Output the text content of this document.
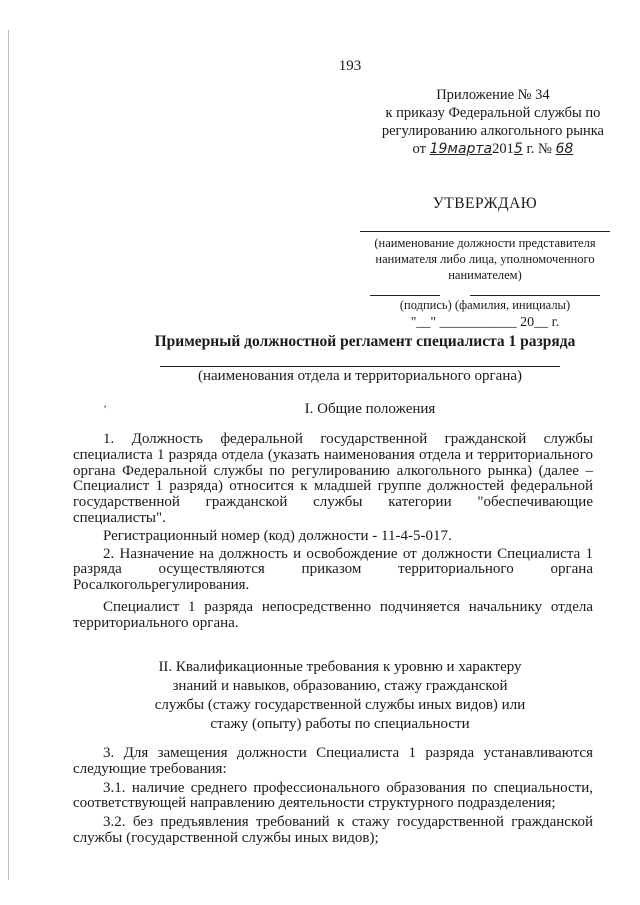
193
Приложение № 34
к приказу Федеральной службы по
регулированию алкогольного рынка
от 19марта2015 г. № 68
УТВЕРЖДАЮ
(наименование должности представителя нанимателя либо лица, уполномоченного нанимателем)
(подпись) (фамилия, инициалы)
"__" ___________ 20__ г.
Примерный должностной регламент специалиста 1 разряда
(наименования отдела и территориального органа)
'	I. Общие положения

1. Должность федеральной государственной гражданской службы специалиста 1 разряда отдела (указать наименования отдела и территориального органа Федеральной службы по регулированию алкогольного рынка) (далее – Специалист 1 разряда) относится к младшей группе должностей федеральной государственной гражданской службы категории "обеспечивающие специалисты".

Регистрационный номер (код) должности - 11-4-5-017.

2. Назначение на должность и освобождение от должности Специалиста 1 разряда осуществляются приказом территориального органа Росалкогольрегулирования.

Специалист 1 разряда непосредственно подчиняется начальнику отдела территориального органа.

II. Квалификационные требования к уровню и характеру знаний и навыков, образованию, стажу гражданской службы (стажу государственной службы иных видов) или стажу (опыту) работы по специальности

3. Для замещения должности Специалиста 1 разряда устанавливаются следующие требования:

3.1. наличие среднего профессионального образования по специальности, соответствующей направлению деятельности структурного подразделения;

3.2. без предъявления требований к стажу государственной гражданской службы (государственной службы иных видов);
